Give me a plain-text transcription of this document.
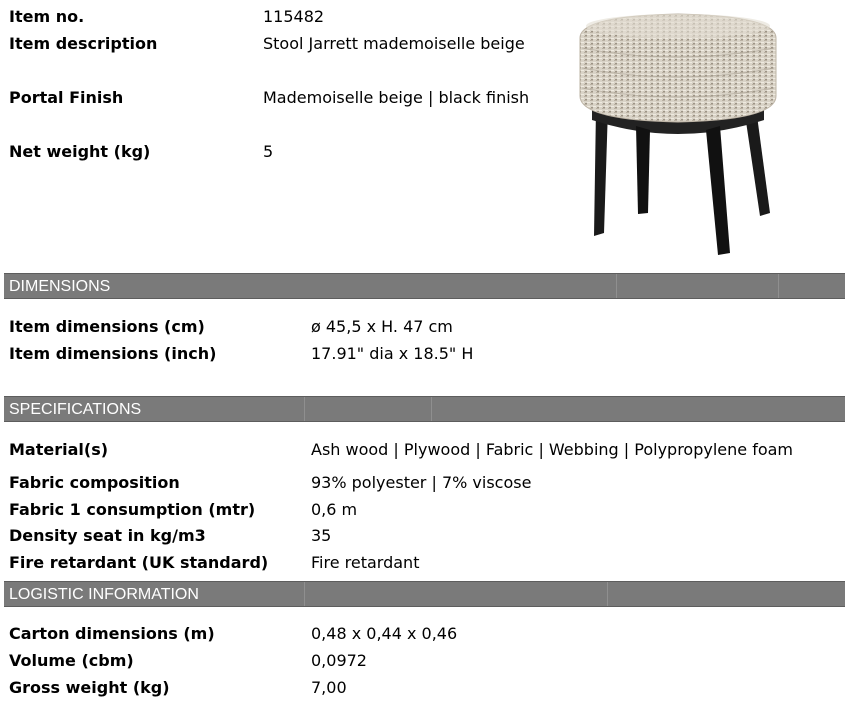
Item no.	115482
Item description	Stool Jarrett mademoiselle beige
Portal Finish	Mademoiselle beige | black finish
Net weight (kg)	5
DIMENSIONS
Item dimensions (cm)	ø 45,5 x H. 47 cm
Item dimensions (inch)	17.91" dia x 18.5" H
SPECIFICATIONS
Material(s)	Ash wood | Plywood | Fabric | Webbing | Polypropylene foam
Fabric composition	93% polyester | 7% viscose
Fabric 1 consumption (mtr)	0,6 m
Density seat in kg/m3	35
Fire retardant (UK standard)	Fire retardant
LOGISTIC INFORMATION
Carton dimensions (m)	0,48 x 0,44 x 0,46
Volume (cbm)	0,0972
Gross weight (kg)	7,00
